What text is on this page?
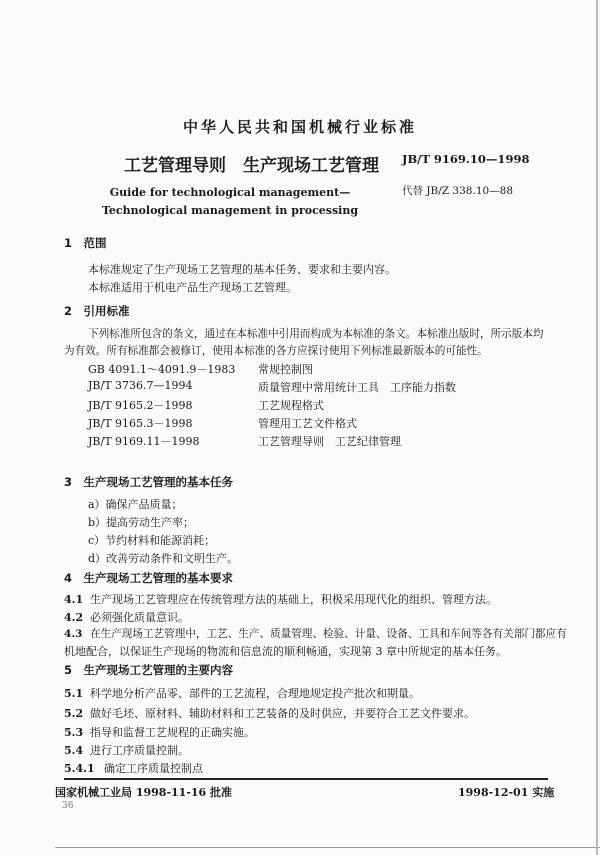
中华人民共和国机械行业标准
工艺管理导则　生产现场工艺管理 JB/T 9169.10—1998
代替 JB/Z 338.10—88
Guide for technological management—
Technological management in processing
1　范围
本标准规定了生产现场工艺管理的基本任务、要求和主要内容。
本标准适用于机电产品生产现场工艺管理。
2　引用标准
下列标准所包含的条文，通过在本标准中引用而构成为本标准的条文。本标准出版时，所示版本均
为有效。所有标准都会被修订，使用本标准的各方应探讨使用下列标准最新版本的可能性。
GB 4091.1～4091.9－1983 常规控制图
JB/T 3736.7—1994	质量管理中常用统计工具　工序能力指数
JB/T 9165.2－1998	工艺规程格式
JB/T 9165.3－1998	管理用工艺文件格式
JB/T 9169.11－1998	工艺管理导则　工艺纪律管理
3　生产现场工艺管理的基本任务
a）确保产品质量；
b）提高劳动生产率；
c）节约材料和能源消耗；
d）改善劳动条件和文明生产。
4　生产现场工艺管理的基本要求
4.1 生产现场工艺管理应在传统管理方法的基础上，积极采用现代化的组织、管理方法。
4.2 必须强化质量意识。
4.3 在生产现场工艺管理中，工艺、生产、质量管理、检验、计量、设备、工具和车间等各有关部门都应有
机地配合，以保证生产现场的物流和信息流的顺利畅通，实现第 3 章中所规定的基本任务。
5　生产现场工艺管理的主要内容
5.1 科学地分析产品零、部件的工艺流程，合理地规定投产批次和期量。
5.2 做好毛坯、原材料、辅助材料和工艺装备的及时供应，并要符合工艺文件要求。
5.3 指导和监督工艺规程的正确实施。
5.4 进行工序质量控制。
5.4.1 确定工序质量控制点
国家机械工业局 1998-11-16 批准	1998-12-01 实施
36
